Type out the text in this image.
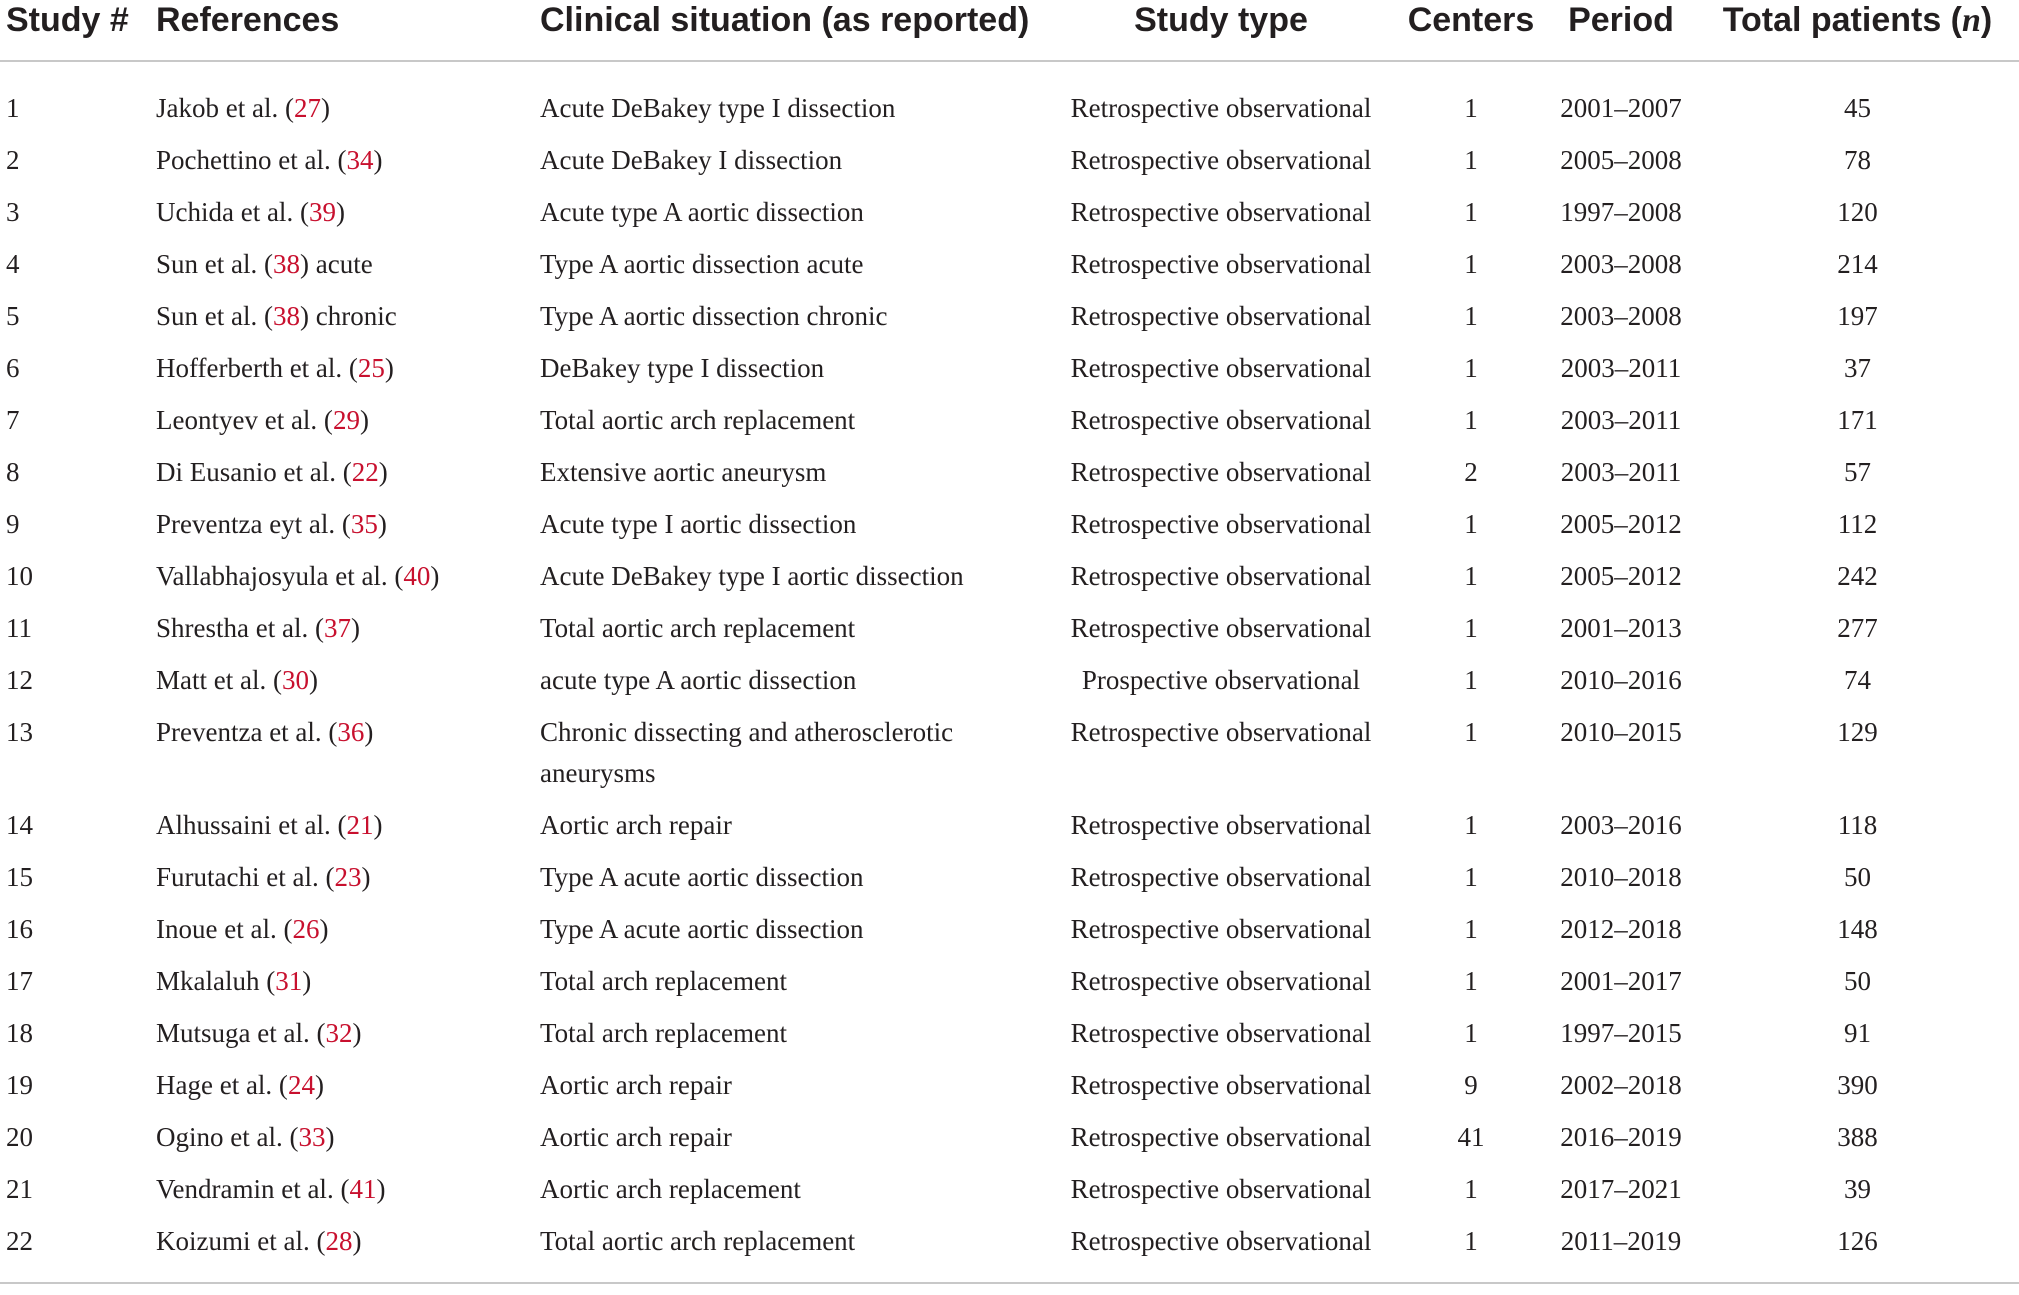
Study #	References	Clinical situation (as reported)	Study type	Centers	Period	Total patients (n)
1	Jakob et al. (27)	Acute DeBakey type I dissection	Retrospective observational	1	2001–2007	45
2	Pochettino et al. (34)	Acute DeBakey I dissection	Retrospective observational	1	2005–2008	78
3	Uchida et al. (39)	Acute type A aortic dissection	Retrospective observational	1	1997–2008	120
4	Sun et al. (38) acute	Type A aortic dissection acute	Retrospective observational	1	2003–2008	214
5	Sun et al. (38) chronic	Type A aortic dissection chronic	Retrospective observational	1	2003–2008	197
6	Hofferberth et al. (25)	DeBakey type I dissection	Retrospective observational	1	2003–2011	37
7	Leontyev et al. (29)	Total aortic arch replacement	Retrospective observational	1	2003–2011	171
8	Di Eusanio et al. (22)	Extensive aortic aneurysm	Retrospective observational	2	2003–2011	57
9	Preventza eyt al. (35)	Acute type I aortic dissection	Retrospective observational	1	2005–2012	112
10	Vallabhajosyula et al. (40)	Acute DeBakey type I aortic dissection	Retrospective observational	1	2005–2012	242
11	Shrestha et al. (37)	Total aortic arch replacement	Retrospective observational	1	2001–2013	277
12	Matt et al. (30)	acute type A aortic dissection	Prospective observational	1	2010–2016	74
13	Preventza et al. (36)	Chronic dissecting and atherosclerotic aneurysms	Retrospective observational	1	2010–2015	129
14	Alhussaini et al. (21)	Aortic arch repair	Retrospective observational	1	2003–2016	118
15	Furutachi et al. (23)	Type A acute aortic dissection	Retrospective observational	1	2010–2018	50
16	Inoue et al. (26)	Type A acute aortic dissection	Retrospective observational	1	2012–2018	148
17	Mkalaluh (31)	Total arch replacement	Retrospective observational	1	2001–2017	50
18	Mutsuga et al. (32)	Total arch replacement	Retrospective observational	1	1997–2015	91
19	Hage et al. (24)	Aortic arch repair	Retrospective observational	9	2002–2018	390
20	Ogino et al. (33)	Aortic arch repair	Retrospective observational	41	2016–2019	388
21	Vendramin et al. (41)	Aortic arch replacement	Retrospective observational	1	2017–2021	39
22	Koizumi et al. (28)	Total aortic arch replacement	Retrospective observational	1	2011–2019	126
